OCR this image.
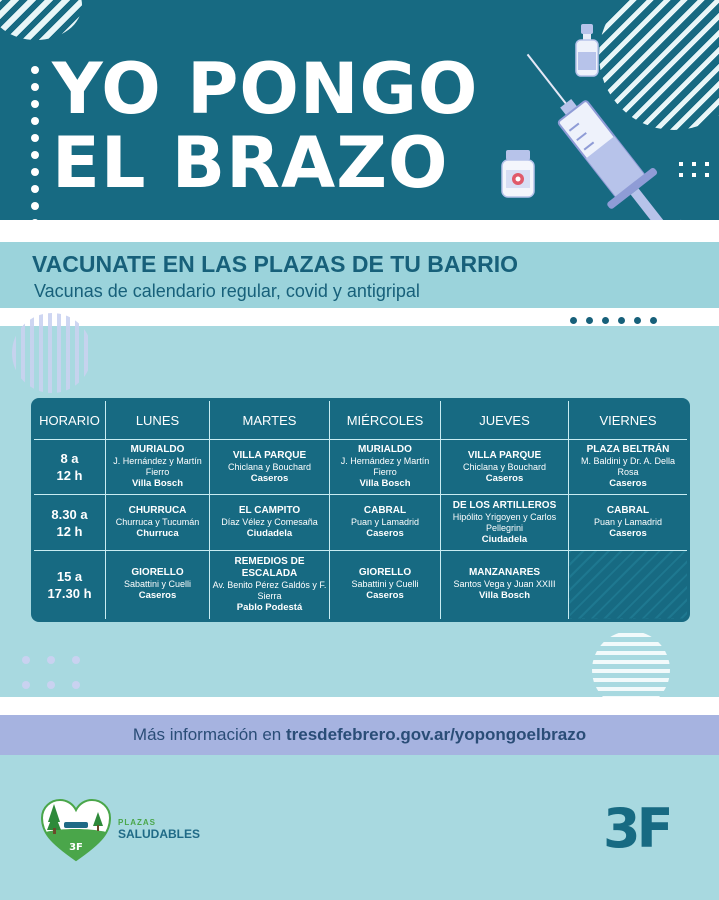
YO PONGO
EL BRAZO
VACUNATE EN LAS PLAZAS DE TU BARRIO

Vacunas de calendario regular, covid y antigripal

HORARIO	LUNES	MARTES	MIÉRCOLES	JUEVES	VIERNES
8 a
12 h	MURIALDO
J. Hernández y Martín Fierro
Villa Bosch	VILLA PARQUE
Chiclana y Bouchard
Caseros	MURIALDO
J. Hernández y Martín Fierro
Villa Bosch	VILLA PARQUE
Chiclana y Bouchard
Caseros	PLAZA BELTRÁN
M. Baldini y Dr. A. Della Rosa
Caseros

8.30 a
12 h	CHURRUCA
Churruca y Tucumán
Churruca	EL CAMPITO
Díaz Vélez y Comesaña
Ciudadela	CABRAL
Puan y Lamadrid
Caseros	DE LOS ARTILLEROS
Hipólito Yrigoyen y Carlos Pellegrini
Ciudadela	CABRAL
Puan y Lamadrid
Caseros

15 a
17.30 h	GIORELLO
Sabattini y Cuelli
Caseros	REMEDIOS DE ESCALADA
Av. Benito Pérez Galdós y F. Sierra
Pablo Podestá	GIORELLO
Sabattini y Cuelli
Caseros	MANZANARES
Santos Vega y Juan XXIII
Villa Bosch	

Más información en tresdefebrero.gov.ar/yopongoelbrazo
3F
PLAZAS
SALUDABLES	3F
